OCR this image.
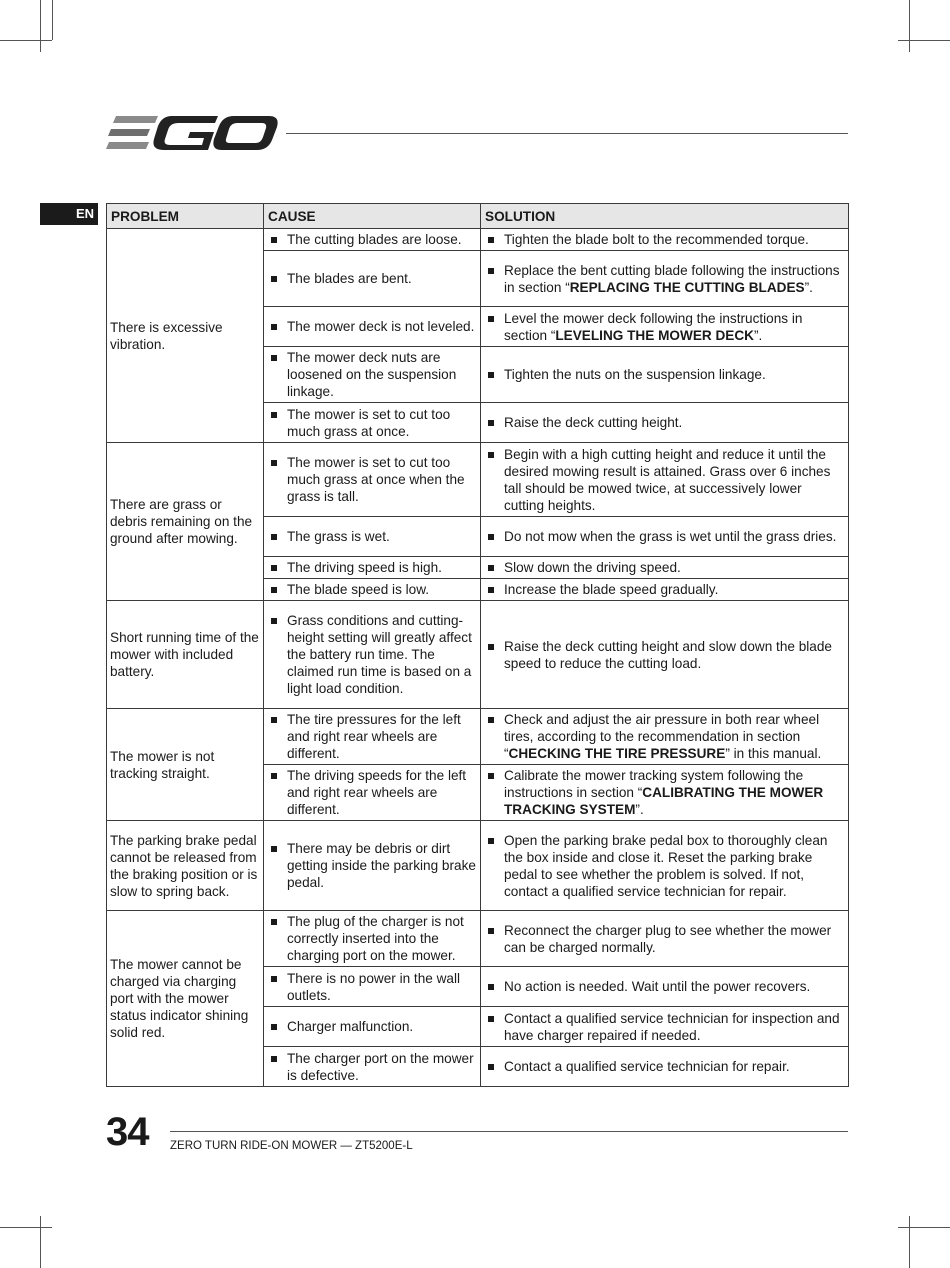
EN PROBLEM	CAUSE	SOLUTION
There is excessive vibration.	The cutting blades are loose.	Tighten the blade bolt to the recommended torque.

	The blades are bent.	Replace the bent cutting blade following the instructions in section “REPLACING THE CUTTING BLADES”.

	The mower deck is not leveled.	Level the mower deck following the instructions in section “LEVELING THE MOWER DECK”.

	The mower deck nuts are loosened on the suspension linkage.	Tighten the nuts on the suspension linkage.

	The mower is set to cut too much grass at once.	Raise the deck cutting height.

There are grass or debris remaining on the ground after mowing.	The mower is set to cut too much grass at once when the grass is tall.	Begin with a high cutting height and reduce it until the desired mowing result is attained. Grass over 6 inches tall should be mowed twice, at successively lower cutting heights.

	The grass is wet.	Do not mow when the grass is wet until the grass dries.

	The driving speed is high.	Slow down the driving speed.

	The blade speed is low.	Increase the blade speed gradually.

Short running time of the mower with included battery.	Grass conditions and cutting-height setting will greatly affect the battery run time. The claimed run time is based on a light load condition.	Raise the deck cutting height and slow down the blade speed to reduce the cutting load.

The mower is not tracking straight.	The tire pressures for the left and right rear wheels are different.	Check and adjust the air pressure in both rear wheel tires, according to the recommendation in section “CHECKING THE TIRE PRESSURE” in this manual.

	The driving speeds for the left and right rear wheels are different.	Calibrate the mower tracking system following the instructions in section “CALIBRATING THE MOWER TRACKING SYSTEM”.

The parking brake pedal cannot be released from the braking position or is slow to spring back.	There may be debris or dirt getting inside the parking brake pedal.	Open the parking brake pedal box to thoroughly clean the box inside and close it. Reset the parking brake pedal to see whether the problem is solved. If not, contact a qualified service technician for repair.

The mower cannot be charged via charging port with the mower status indicator shining solid red.	The plug of the charger is not correctly inserted into the charging port on the mower.	Reconnect the charger plug to see whether the mower can be charged normally.

	There is no power in the wall outlets.	No action is needed. Wait until the power recovers.

	Charger malfunction.	Contact a qualified service technician for inspection and have charger repaired if needed.

	The charger port on the mower is defective.	Contact a qualified service technician for repair.
34 ZERO TURN RIDE-ON MOWER — ZT5200E-L
